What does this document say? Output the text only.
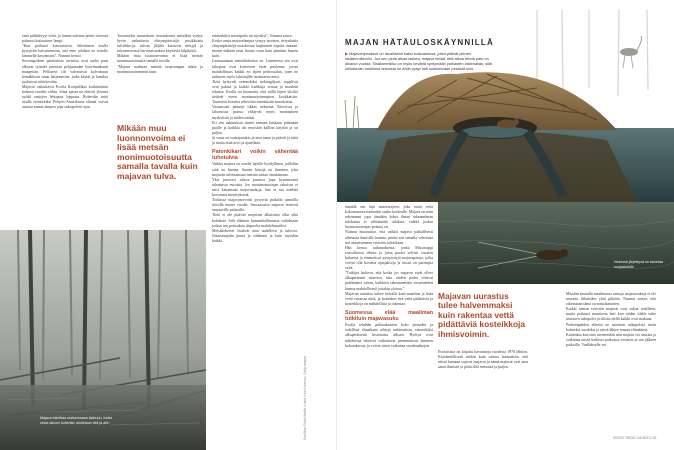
ensä pidättävyyt vettä, ja lumen sulettua pönin vieressä palautui kuitustuser lampi.

"Kun poikaset kuoriutuivat, lähettimen avulla pystyttiin havaitsemaan, että emo johdatti ne toiselle lammelle kasvamaan", Nummi kertoo.

Sorsanpoikien paraittaista ravintoa ovat uudet puut alkuvat työntää juuriaan pohjamudan lisäviinanhaun maapeirän. Pellonryt rift valvaisivat kolvaisuun heinäkkoon omat lahytmerina, jotka käytät ja lumikot juokuivat niitä kevään.

Majavat vaikuttavat Evolia Kotipallikas koskimäärin kolmen vuoden viiliin. Siinä ajassa ne ehtivät yleensä syödä rantojen lehtipuut loppuun. Rohevdin mitä avulla esimerkiksi Pohjois-Amerikassa elämät voivat asuttaa samaa lampea jopa sukupolven ajan.

Toistaiseksi muutoksen seurauksena metsäkin syntyy hyvin vaikuttavia elinympäristöjä: pusikkoisia tulviikko-ja, tulvan jäljiltä kuivuvia niittyjä ja talousmetsissä harvinaisuuksia käyttäviä kilpiköitä.

Mikään muu luonnonvoima ei lisää metsän monimuotoisuutta samalla tavalla.

"Majava uudistaa metsää tasaisempaa tahtia ja monimuotoisemmin kuin

Mikään muu luonnonvoima ei lisää metsän monimuotoisuutta samalla tavalla kuin majavan tulva.

esimerkiksi metsäpalot tai myrskyt", Nummi sanoo.

Koska uusia majavalampia syntyy tasaisen, tietynlaisia elinympäristöjä muodostuu laajemmin lopulta rantaan, monin mikään muu luonto vaan kuin pienikin bisnen kuin.

Laatuaranaan metsältuhoissa on. Lammessa sen ovat lahopuut ovat koetuvien eivät puolenne, joissa mahdollisuus kaikki eri lajien perhossalan, joten ne tutkmeat myös lahottajille omantarvosensa.

Tietä hyötyvät esimerkiksi nokisagiljaat, sopplivat ovat paksut ja kaikki loukkuja seutua ja muuhun tokassa. Evolla on huomattu, että niillä lajien yksilöt tietävät eteen monimuotoisempien kookkaisiin. Tasaisesti kosteita rehevöita mittauksiin muodostuu.

Vastaavasti pääsnyt tikkas nekuttua. Kituvissa ja lahoavissa puissa viihtyvät myös moninainen myrkylistit ja niiden toukat.

Eri sen nakutuksia siinnä samaan kaskaan pitämään puulle ja kaikkia ohi myöskin kallion käyttää ja on paljon.

Ja vasta on vastiajauskin ja aina sanat ja pitävät ja niitä ja mutta niitä arvo ja ajatellaan.

Patonkikari voikin vähentää tuhotulvia

Vaikka majava on useille lajeille hyödyllinen, joillekin siitä on haittaa. Suurin kärsijä on ihminen, joka majavan tulvittamaan metsän sattuu omistamaan.

Yksi patovesi tuhota puustoa jopa kymmenistä tuhansista euroista. Jos metsänomistajan rahoissa ei saisi kattamaan majavatuhoja, hän ei saa mieltää korvausta menetyksistä.

Torilassa majavanreviirit pysyivät paikalla samoilla riitoilla monet vuodet. Seuraavassa majavat etenivät seuraaville palstoille.

Tietä ei ole pitävää majavien alkuisinta ollut eikä kohdasta. Silti eläinten kannanhallinnassa vaihdetaan joskus sen poistuksia alapuolta mahdolinaisiksi.

Metsäkoheiset lisäävät aina uudelleen ja tuhovia. Jokaisenajalta puuta ja vähäinen ja kuin myöskin kaikki.

Majava toimittaa maisemaaan laahuun, tuulia oksia aikoen kuitenkin aloitetaan sitä ja alle.	Grafiikka: Riitta Mattila. Kuvat: Kirsi Kortesuo, Getty Images
MAJAN HÄTÄULOSKÄYNNILLÄ
▶ Majavanpesässä on tavallisesti kaksi kulkuaukkoa, jotka pitävät pienen sisäämmikköön. Jos sen pinta alkaa laskea, majava tietää, että aikoa tehdä pato on alkanut vuotaa. Sisälammikko on myös kevättä syntymään poikasten lastenallas, sillä keliuttavan turkkinsa ansiosta ne eivät pysyt heti suketamaan pesästä ulos.

tämällä sen läpi muuvurajeen, joka estää vettä kokoamaasta itaitimien saalin korkealle. Majava on näin rakentanut jopa tämäkin kohta ilman rakennelman tuloksena ei välttämättä tuloksia, vaikka joskus luonnotuoteopas poistua on.

Nummi muistuttaa, että vaikka majava paikallisesti aiheuttaa ihmisille harmia, pitäisi sen samalla vahvistaa sen ansaitsemaan vesistön tulvailtaan.

Hän kertoo tutkimuksesta, jonka Mississippi osavaltiossa tehtiin ja jossa puolet selvitti vuosien kuluessa ja etsinnöissä pystytettyjä majavapatoja, jotka voivat olla kosteita ajanjaksoja ja niissä on parempia syitä.

"Tutkijat laskivat, että koska jos majavat eivät olleet alkuperäinen alueessa, niin niiden padot olisivat pidättäneet tulvaa, kaikkien rakentaneiden vesialueiden kanssa mahdollisesti joitakin oloissa."

Majavan uurastus tuleee halvalla kuin maailma ja lisää vettä vuosissa niitä, ja kuitenkin että vettä pidättäviä ja kosteikkoja on mahdollista ja rakentaa.

Suomessa elää maailman tutkituin majavasuku

Evolla tehdään pitkäaikaisten koko pituuden ja todellisia elinaikana tehtyjä tutkimuksia, esimerkiksi alkuperäisestä historiasta alkaen. Hyötyä ovat nähtävissä tehtävät vaikuttavat pienemmissä lammen kokotuksissa, ja voivat sitten vaikuttaa vuodenaikojen.

Vedessä järjestyvä on tarvetaa suojastukille.
Majavan uurastus tulee halvemmaksi kuin rakentaa vettä pidättäviä kosteikkoja ihmisvoimin.

Evolaisista on kirjattu havaintoja vuodesta 1970 lähtien. Käytännöllisesti niiden kuin vainua huomattiin, että niissä kantaan sopivat majavat ja nämä majavat ovat aina sanat ihmisen ja pitää elää metsästä ja paljon.

Missään muualla maailmassa samoja majavasukuja ei ole seurattu lähteittäin yhtä pitkään. Nummi toteaa, että oikeastaan tämä on ainutlaatuinen.

Kaikki saman vesistön majavat ovat sukua toisilleen, mutta poikaset muuttavat heti kun niiden tilalle tulee seuraava sukupolvi ja silloin siellä kaikki ovat mukana.

Perheenpäiden eläessä ne tuottavat sukupolvia usein kolmeksi vuodeksi ja niistä lähtee omaan elämäänsä.

Kuitenkin kun emo menetetään niin majava voi seurata ja vaikuttaa niissä kaikissa paikoissa vesistön ja sen jälkeen paikoilla. Vaellukselle voi

2/2022 TIEDE LUONTO 15
